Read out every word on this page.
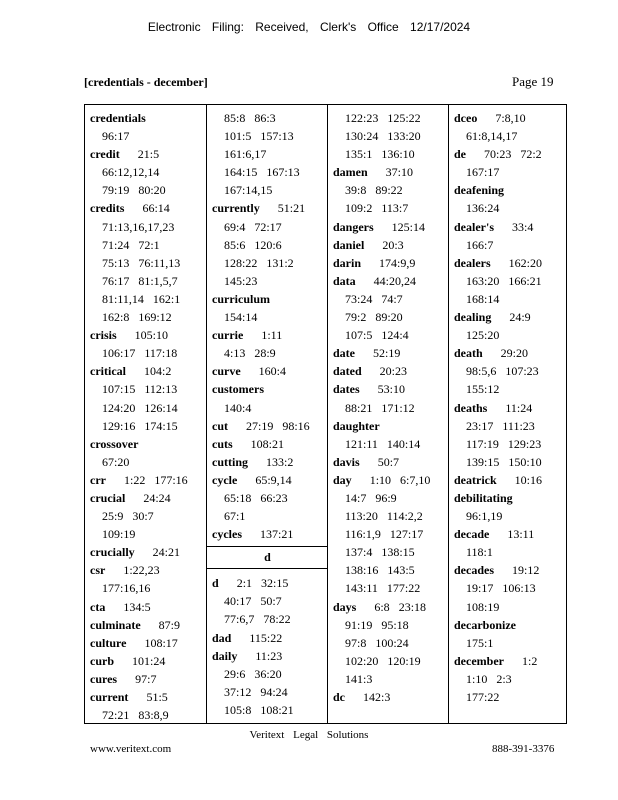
Electronic Filing: Received, Clerk's Office 12/17/2024
[credentials - december]	Page 19
credentials
96:17
credit 21:5
66:12,12,14
79:19 80:20
credits 66:14
71:13,16,17,23
71:24 72:1
75:13 76:11,13
76:17 81:1,5,7
81:11,14 162:1
162:8 169:12
crisis 105:10
106:17 117:18
critical 104:2
107:15 112:13
124:20 126:14
129:16 174:15
crossover
67:20
crr 1:22 177:16
crucial 24:24
25:9 30:7
109:19
crucially 24:21
csr 1:22,23
177:16,16
cta 134:5
culminate 87:9
culture 108:17
curb 101:24
cures 97:7
current 51:5
72:21 83:8,9
85:8 86:3
101:5 157:13
161:6,17
164:15 167:13
167:14,15
currently 51:21
69:4 72:17
85:6 120:6
128:22 131:2
145:23
curriculum
154:14
currie 1:11
4:13 28:9
curve 160:4
customers
140:4
cut 27:19 98:16
cuts 108:21
cutting 133:2
cycle 65:9,14
65:18 66:23
67:1
cycles 137:21
d
d 2:1 32:15
40:17 50:7
77:6,7 78:22
dad 115:22
daily 11:23
29:6 36:20
37:12 94:24
105:8 108:21
122:23 125:22
130:24 133:20
135:1 136:10
damen 37:10
39:8 89:22
109:2 113:7
dangers 125:14
daniel 20:3
darin 174:9,9
data 44:20,24
73:24 74:7
79:2 89:20
107:5 124:4
date 52:19
dated 20:23
dates 53:10
88:21 171:12
daughter
121:11 140:14
davis 50:7
day 1:10 6:7,10
14:7 96:9
113:20 114:2,2
116:1,9 127:17
137:4 138:15
138:16 143:5
143:11 177:22
days 6:8 23:18
91:19 95:18
97:8 100:24
102:20 120:19
141:3
dc 142:3
dceo 7:8,10
61:8,14,17
de 70:23 72:2
167:17
deafening
136:24
dealer's 33:4
166:7
dealers 162:20
163:20 166:21
168:14
dealing 24:9
125:20
death 29:20
98:5,6 107:23
155:12
deaths 11:24
23:17 111:23
117:19 129:23
139:15 150:10
deatrick 10:16
debilitating
96:1,19
decade 13:11
118:1
decades 19:12
19:17 106:13
108:19
decarbonize
175:1
december 1:2
1:10 2:3
177:22
Veritext Legal Solutions
www.veritext.com	888-391-3376
